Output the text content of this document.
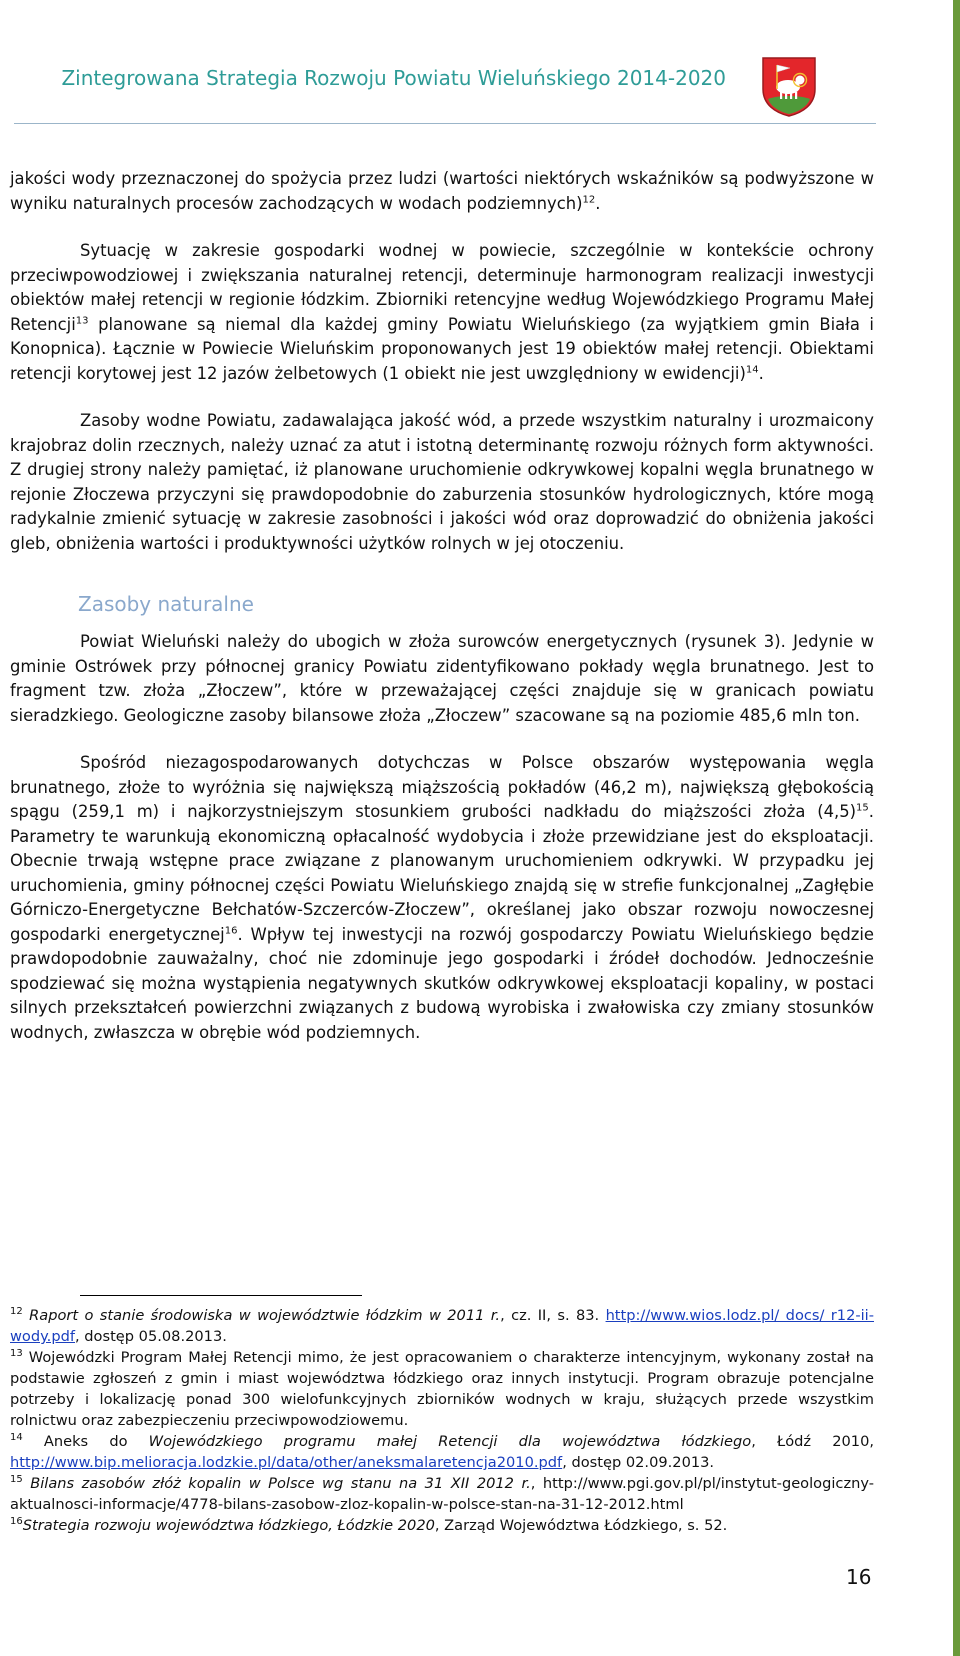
Zintegrowana Strategia Rozwoju Powiatu Wieluńskiego 2014-2020

jakości wody przeznaczonej do spożycia przez ludzi (wartości niektórych wskaźników są podwyższone w wyniku naturalnych procesów zachodzących w wodach podziemnych)$^{12}$.

Sytuację w zakresie gospodarki wodnej w powiecie, szczególnie w kontekście ochrony przeciwpowodziowej i zwiększania naturalnej retencji, determinuje harmonogram realizacji inwestycji obiektów małej retencji w regionie łódzkim. Zbiorniki retencyjne według Wojewódzkiego Programu Małej Retencji$^{13}$ planowane są niemal dla każdej gminy Powiatu Wieluńskiego (za wyjątkiem gmin Biała i Konopnica). Łącznie w Powiecie Wieluńskim proponowanych jest 19 obiektów małej retencji. Obiektami retencji korytowej jest 12 jazów żelbetowych (1 obiekt nie jest uwzględniony w ewidencji)$^{14}$.

Zasoby wodne Powiatu, zadawalająca jakość wód, a przede wszystkim naturalny i urozmaicony krajobraz dolin rzecznych, należy uznać za atut i istotną determinantę rozwoju różnych form aktywności. Z drugiej strony należy pamiętać, iż planowane uruchomienie odkrywkowej kopalni węgla brunatnego w rejonie Złoczewa przyczyni się prawdopodobnie do zaburzenia stosunków hydrologicznych, które mogą radykalnie zmienić sytuację w zakresie zasobności i jakości wód oraz doprowadzić do obniżenia jakości gleb, obniżenia wartości i produktywności użytków rolnych w jej otoczeniu.

Zasoby naturalne

Powiat Wieluński należy do ubogich w złoża surowców energetycznych (rysunek 3). Jedynie w gminie Ostrówek przy północnej granicy Powiatu zidentyfikowano pokłady węgla brunatnego. Jest to fragment tzw. złoża „Złoczew”, które w przeważającej części znajduje się w granicach powiatu sieradzkiego. Geologiczne zasoby bilansowe złoża „Złoczew” szacowane są na poziomie 485,6 mln ton.

Spośród niezagospodarowanych dotychczas w Polsce obszarów występowania węgla brunatnego, złoże to wyróżnia się największą miąższością pokładów (46,2 m), największą głębokością spągu (259,1 m) i najkorzystniejszym stosunkiem grubości nadkładu do miąższości złoża $(4,5)^{15}$. Parametry te warunkują ekonomiczną opłacalność wydobycia i złoże przewidziane jest do eksploatacji. Obecnie trwają wstępne prace związane z planowanym uruchomieniem odkrywki. W przypadku jej uruchomienia, gminy północnej części Powiatu Wieluńskiego znajdą się w strefie funkcjonalnej „Zagłębie Górniczo-Energetyczne Bełchatów-Szczerców-Złoczew”, określanej jako obszar rozwoju nowoczesnej gospodarki energetycznej$^{16}$. Wpływ tej inwestycji na rozwój gospodarczy Powiatu Wieluńskiego będzie prawdopodobnie zauważalny, choć nie zdominuje jego gospodarki i źródeł dochodów. Jednocześnie spodziewać się można wystąpienia negatywnych skutków odkrywkowej eksploatacji kopaliny, w postaci silnych przekształceń powierzchni związanych z budową wyrobiska i zwałowiska czy zmiany stosunków wodnych, zwłaszcza w obrębie wód podziemnych.

$^{12}$ Raport o stanie środowiska w województwie łódzkim w 2011 r., cz. II, s. 83. http://www.wios.lodz.pl/ docs/ r12-ii-wody.pdf, dostęp 05.08.2013.

$^{13}$ Wojewódzki Program Małej Retencji mimo, że jest opracowaniem o charakterze intencyjnym, wykonany został na podstawie zgłoszeń z gmin i miast województwa łódzkiego oraz innych instytucji. Program obrazuje potencjalne potrzeby i lokalizację ponad 300 wielofunkcyjnych zbiorników wodnych w kraju, służących przede wszystkim rolnictwu oraz zabezpieczeniu przeciwpowodziowemu.

$^{14}$ Aneks do Wojewódzkiego programu małej Retencji dla województwa łódzkiego, Łódź 2010, http://www.bip.melioracja.lodzkie.pl/data/other/aneksmalaretencja2010.pdf, dostęp 02.09.2013.

$^{15}$ Bilans zasobów złóż kopalin w Polsce wg stanu na 31 XII 2012 r., http://www.pgi.gov.pl/pl/instytut-geologiczny-aktualnosci-informacje/4778-bilans-zasobow-zloz-kopalin-w-polsce-stan-na-31-12-2012.html

$^{16}$Strategia rozwoju województwa łódzkiego, Łódzkie 2020, Zarząd Województwa Łódzkiego, s. 52.

16
